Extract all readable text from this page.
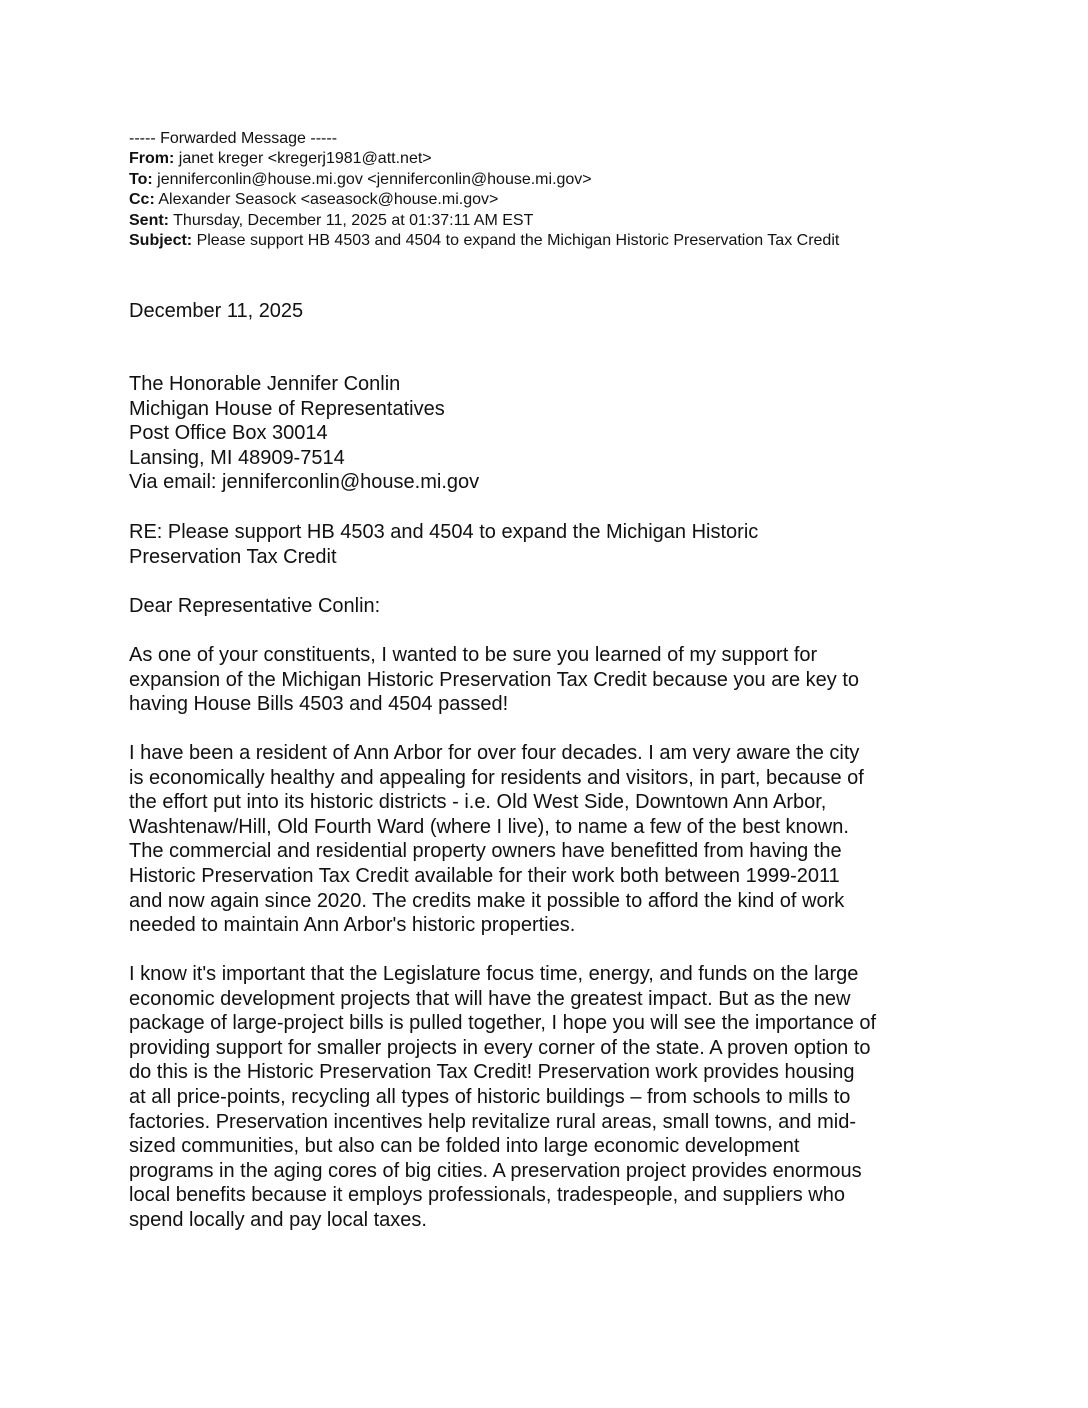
----- Forwarded Message -----
From: janet kreger <kregerj1981@att.net>
To: jenniferconlin@house.mi.gov <jenniferconlin@house.mi.gov>
Cc: Alexander Seasock <aseasock@house.mi.gov>
Sent: Thursday, December 11, 2025 at 01:37:11 AM EST
Subject: Please support HB 4503 and 4504 to expand the Michigan Historic Preservation Tax Credit
December 11, 2025
The Honorable Jennifer Conlin
Michigan House of Representatives
Post Office Box 30014
Lansing, MI 48909-7514
Via email: jenniferconlin@house.mi.gov
RE: Please support HB 4503 and 4504 to expand the Michigan Historic
Preservation Tax Credit
Dear Representative Conlin:
As one of your constituents, I wanted to be sure you learned of my support for
expansion of the Michigan Historic Preservation Tax Credit because you are key to
having House Bills 4503 and 4504 passed!
I have been a resident of Ann Arbor for over four decades. I am very aware the city
is economically healthy and appealing for residents and visitors, in part, because of
the effort put into its historic districts - i.e. Old West Side, Downtown Ann Arbor,
Washtenaw/Hill, Old Fourth Ward (where I live), to name a few of the best known.
The commercial and residential property owners have benefitted from having the
Historic Preservation Tax Credit available for their work both between 1999-2011
and now again since 2020. The credits make it possible to afford the kind of work
needed to maintain Ann Arbor's historic properties.
I know it's important that the Legislature focus time, energy, and funds on the large
economic development projects that will have the greatest impact. But as the new
package of large-project bills is pulled together, I hope you will see the importance of
providing support for smaller projects in every corner of the state. A proven option to
do this is the Historic Preservation Tax Credit! Preservation work provides housing
at all price-points, recycling all types of historic buildings – from schools to mills to
factories. Preservation incentives help revitalize rural areas, small towns, and mid-
sized communities, but also can be folded into large economic development
programs in the aging cores of big cities. A preservation project provides enormous
local benefits because it employs professionals, tradespeople, and suppliers who
spend locally and pay local taxes.
